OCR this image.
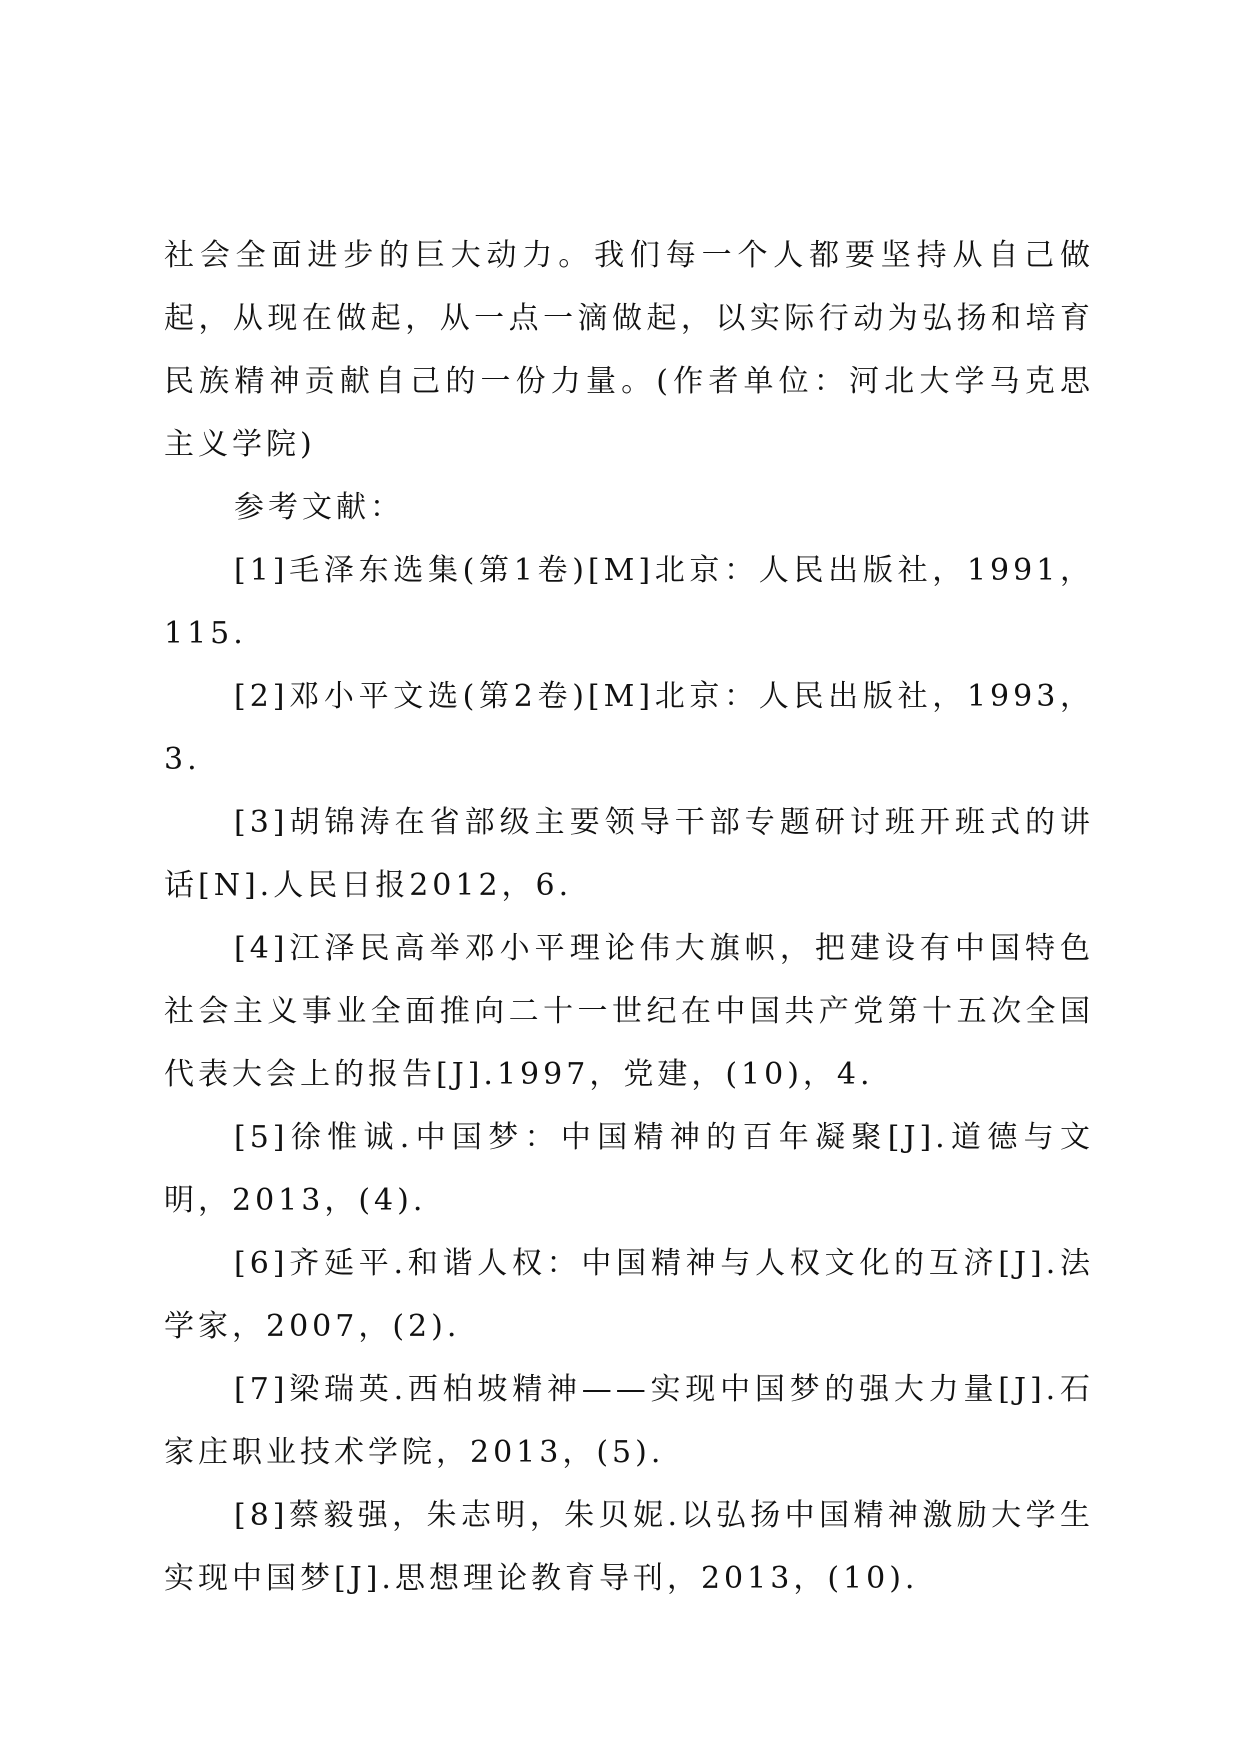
社会全面进步的巨大动力。我们每一个人都要坚持从自己做起，从现在做起，从一点一滴做起，以实际行动为弘扬和培育民族精神贡献自己的一份力量。(作者单位：河北大学马克思主义学院)

参考文献：

[1]毛泽东选集(第1卷)[M]北京：人民出版社，1991，115.

[2]邓小平文选(第2卷)[M]北京：人民出版社，1993，3.

[3]胡锦涛在省部级主要领导干部专题研讨班开班式的讲话[N].人民日报2012，6.

[4]江泽民高举邓小平理论伟大旗帜，把建设有中国特色社会主义事业全面推向二十一世纪在中国共产党第十五次全国代表大会上的报告[J].1997，党建，(10)，4.

[5]徐惟诚.中国梦：中国精神的百年凝聚[J].道德与文明，2013，(4).

[6]齐延平.和谐人权：中国精神与人权文化的互济[J].法学家，2007，(2).

[7]梁瑞英.西柏坡精神——实现中国梦的强大力量[J].石家庄职业技术学院，2013，(5).

[8]蔡毅强，朱志明，朱贝妮.以弘扬中国精神激励大学生实现中国梦[J].思想理论教育导刊，2013，(10).
